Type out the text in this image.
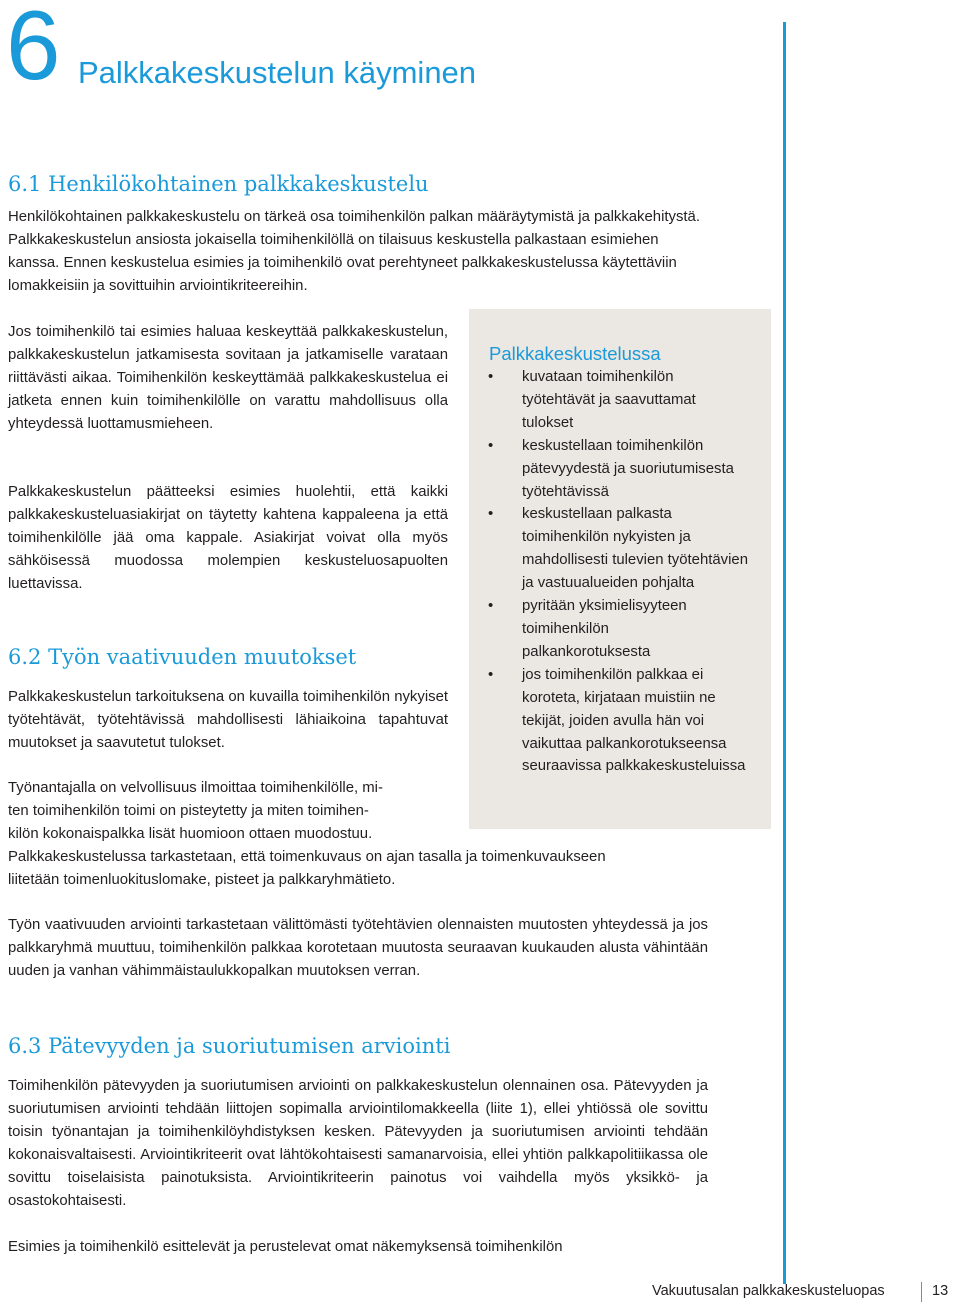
6 Palkkakeskustelun käyminen
6.1 Henkilökohtainen palkkakeskustelu

Henkilökohtainen palkkakeskustelu on tärkeä osa toimihenkilön palkan määräytymistä ja palkkakehitystä. Palkkakeskustelun ansiosta jokaisella toimihenkilöllä on tilaisuus keskustella palkastaan esimiehen kanssa. Ennen keskustelua esimies ja toimihenkilö ovat perehtyneet palkkakeskustelussa käytettäviin lomakkeisiin ja sovittuihin arviointikriteereihin.

Jos toimihenkilö tai esimies haluaa keskeyttää palkkakeskustelun, palkkakeskustelun jatkamisesta sovitaan ja jatkamiselle varataan riittävästi aikaa. Toimihenkilön keskeyttämää palkkakeskustelua ei jatketa ennen kuin toimihenkilölle on varattu mahdollisuus olla yhteydessä luottamusmieheen.

Palkkakeskustelun päätteeksi esimies huolehtii, että kaikki palkkakeskusteluasiakirjat on täytetty kahtena kappaleena ja että toimihenkilölle jää oma kappale. Asiakirjat voivat olla myös sähköisessä muodossa molempien keskusteluosapuolten luettavissa.

Palkkakeskustelussa
• kuvataan toimihenkilön työtehtävät ja saavuttamat tulokset
• keskustellaan toimihenkilön pätevyydestä ja suoriutumisesta työtehtävissä
• keskustellaan palkasta toimihenkilön nykyisten ja mahdollisesti tulevien työtehtävien ja vastuualueiden pohjalta
• pyritään yksimielisyyteen toimihenkilön palkankorotuksesta
• jos toimihenkilön palkkaa ei koroteta, kirjataan muistiin ne tekijät, joiden avulla hän voi vaikuttaa palkankorotukseensa seuraavissa palkkakeskusteluissa
6.2 Työn vaativuuden muutokset

Palkkakeskustelun tarkoituksena on kuvailla toimihenkilön nykyiset työtehtävät, työtehtävissä mahdollisesti lähiaikoina tapahtuvat muutokset ja saavutetut tulokset.

Työnantajalla on velvollisuus ilmoittaa toimihenkilölle, mi-
ten toimihenkilön toimi on pisteytetty ja miten toimihen-
kilön kokonaispalkka lisät huomioon ottaen muodostuu.
Palkkakeskustelussa tarkastetaan, että toimenkuvaus on ajan tasalla ja toimenkuvaukseen
liitetään toimenluokituslomake, pisteet ja palkkaryhmätieto.

Työn vaativuuden arviointi tarkastetaan välittömästi työtehtävien olennaisten muutosten yhteydessä ja jos palkkaryhmä muuttuu, toimihenkilön palkkaa korotetaan muutosta seuraavan kuukauden alusta vähintään uuden ja vanhan vähimmäistaulukkopalkan muutoksen verran.

6.3 Pätevyyden ja suoriutumisen arviointi

Toimihenkilön pätevyyden ja suoriutumisen arviointi on palkkakeskustelun olennainen osa. Pätevyyden ja suoriutumisen arviointi tehdään liittojen sopimalla arviointilomakkeella (liite 1), ellei yhtiössä ole sovittu toisin työnantajan ja toimihenkilöyhdistyksen kesken. Pätevyyden ja suoriutumisen arviointi tehdään kokonaisvaltaisesti. Arviointikriteerit ovat lähtökohtaisesti samanarvoisia, ellei yhtiön palkkapolitiikassa ole sovittu toiselaisista painotuksista. Arviointikriteerin painotus voi vaihdella myös yksikkö- ja osastokohtaisesti.

Esimies ja toimihenkilö esittelevät ja perustelevat omat näkemyksensä toimihenkilön

Vakuutusalan palkkakeskusteluopas	13
